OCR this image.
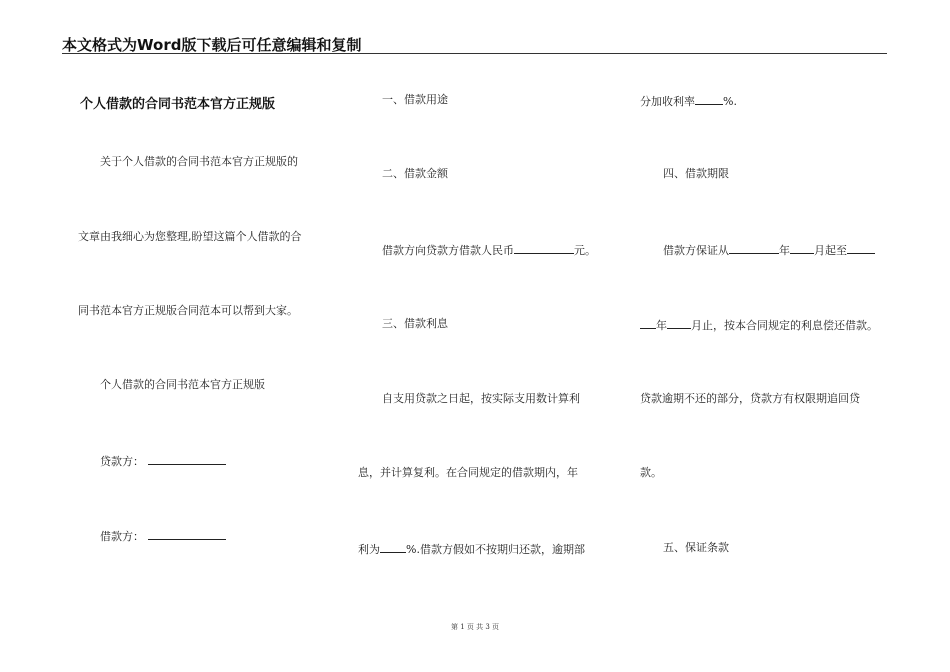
本文格式为Word版下载后可任意编辑和复制
个人借款的合同书范本官方正规版
关于个人借款的合同书范本官方正规版的
文章由我细心为您整理,盼望这篇个人借款的合
同书范本官方正规版合同范本可以帮到大家。
个人借款的合同书范本官方正规版
贷款方：
借款方：
一、借款用途
二、借款金额
借款方向贷款方借款人民币	元。
三、借款利息
自支用贷款之日起，按实际支用数计算利
息，并计算复利。在合同规定的借款期内，年
利为 %.借款方假如不按期归还款，逾期部
分加收利率	%.
四、借款期限
借款方保证从	年 月起至
年 月止，按本合同规定的利息偿还借款。
贷款逾期不还的部分，贷款方有权限期追回贷
款。
五、保证条款
第 1 页 共 3 页
